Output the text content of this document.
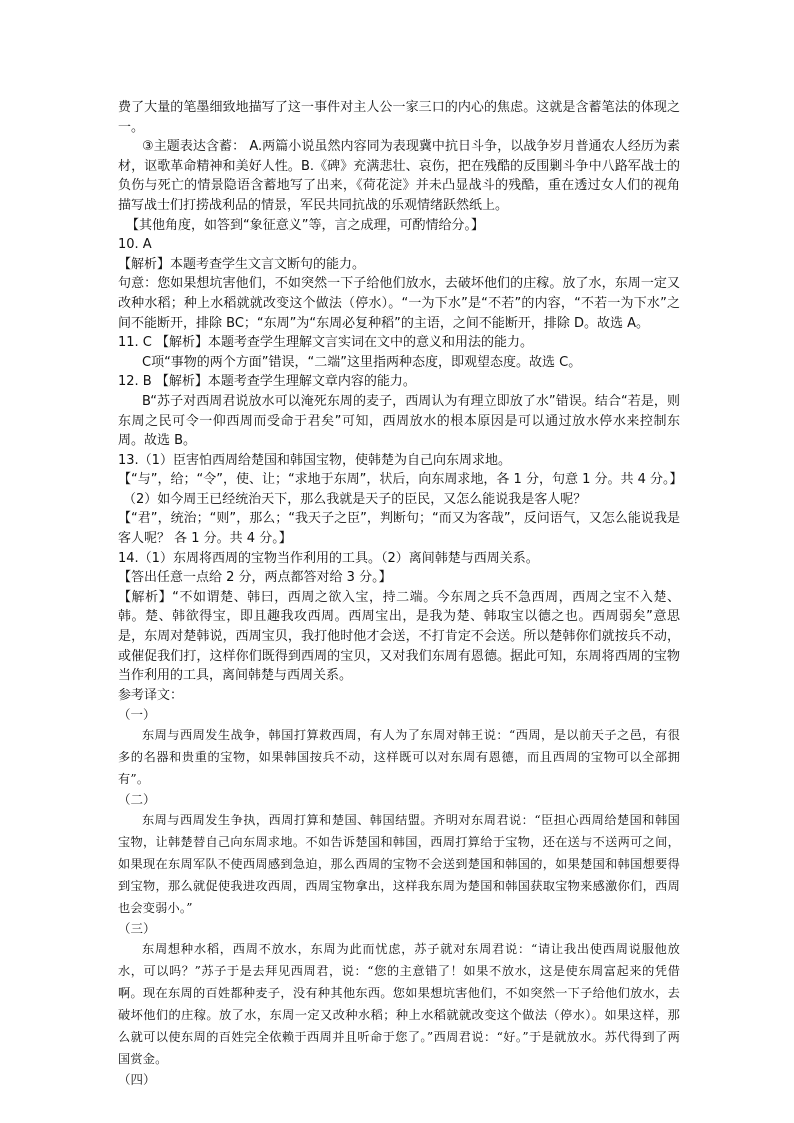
费了大量的笔墨细致地描写了这一事件对主人公一家三口的内心的焦虑。这就是含蓄笔法的体现之一。

③主题表达含蓄： A.两篇小说虽然内容同为表现冀中抗日斗争，以战争岁月普通农人经历为素材，讴歌革命精神和美好人性。B.《碑》充满悲壮、哀伤，把在残酷的反围剿斗争中八路军战士的负伤与死亡的情景隐语含蓄地写了出来，《荷花淀》并未凸显战斗的残酷，重在透过女人们的视角描写战士们打捞战利品的情景，军民共同抗战的乐观情绪跃然纸上。

【其他角度，如答到“象征意义”等，言之成理，可酌情给分。】

10. A

【解析】本题考查学生文言文断句的能力。

句意：您如果想坑害他们，不如突然一下子给他们放水，去破坏他们的庄稼。放了水，东周一定又改种水稻；种上水稻就就改变这个做法（停水）。“一为下水”是“不若”的内容，“不若一为下水”之间不能断开，排除 BC；“东周”为“东周必复种稻”的主语，之间不能断开，排除 D。故选 A。

11. C 【解析】本题考查学生理解文言实词在文中的意义和用法的能力。

C项“事物的两个方面”错误，“二端”这里指两种态度，即观望态度。故选 C。

12. B 【解析】本题考查学生理解文章内容的能力。

B“苏子对西周君说放水可以淹死东周的麦子，西周认为有理立即放了水”错误。结合“若是，则东周之民可令一仰西周而受命于君矣”可知，西周放水的根本原因是可以通过放水停水来控制东周。故选 B。

13.（1）臣害怕西周给楚国和韩国宝物，使韩楚为自己向东周求地。

【“与”，给；“令”，使、让；“求地于东周”，状后，向东周求地，各 1 分，句意 1 分。共 4 分。】

（2）如今周王已经统治天下，那么我就是天子的臣民，又怎么能说我是客人呢？

【“君”，统治；“则”，那么；“我天子之臣”，判断句；“而又为客哉”，反问语气，又怎么能说我是客人呢？ 各 1 分。共 4 分。】

14.（1）东周将西周的宝物当作利用的工具。（2）离间韩楚与西周关系。

【答出任意一点给 2 分，两点都答对给 3 分。】

【解析】“不如谓楚、韩曰，西周之欲入宝，持二端。今东周之兵不急西周，西周之宝不入楚、韩。楚、韩欲得宝，即且趣我攻西周。西周宝出，是我为楚、韩取宝以德之也。西周弱矣”意思是，东周对楚韩说，西周宝贝，我打他时他才会送，不打肯定不会送。所以楚韩你们就按兵不动，或催促我们打，这样你们既得到西周的宝贝，又对我们东周有恩德。据此可知，东周将西周的宝物当作利用的工具，离间韩楚与西周关系。

参考译文：

（一）

东周与西周发生战争，韩国打算救西周，有人为了东周对韩王说：“西周，是以前天子之邑，有很多的名器和贵重的宝物，如果韩国按兵不动，这样既可以对东周有恩德，而且西周的宝物可以全部拥有”。

（二）

东周与西周发生争执，西周打算和楚国、韩国结盟。齐明对东周君说：“臣担心西周给楚国和韩国宝物，让韩楚替自己向东周求地。不如告诉楚国和韩国，西周打算给于宝物，还在送与不送两可之间，如果现在东周军队不使西周感到急迫，那么西周的宝物不会送到楚国和韩国的，如果楚国和韩国想要得到宝物，那么就促使我进攻西周，西周宝物拿出，这样我东周为楚国和韩国获取宝物来感激你们，西周也会变弱小。”

（三）

东周想种水稻，西周不放水，东周为此而忧虑，苏子就对东周君说：“请让我出使西周说服他放水，可以吗？”苏子于是去拜见西周君，说：“您的主意错了！如果不放水，这是使东周富起来的凭借啊。现在东周的百姓都种麦子，没有种其他东西。您如果想坑害他们，不如突然一下子给他们放水，去破坏他们的庄稼。放了水，东周一定又改种水稻；种上水稻就就改变这个做法（停水）。如果这样，那么就可以使东周的百姓完全依赖于西周并且听命于您了。”西周君说：“好。”于是就放水。苏代得到了两国赏金。

（四）
